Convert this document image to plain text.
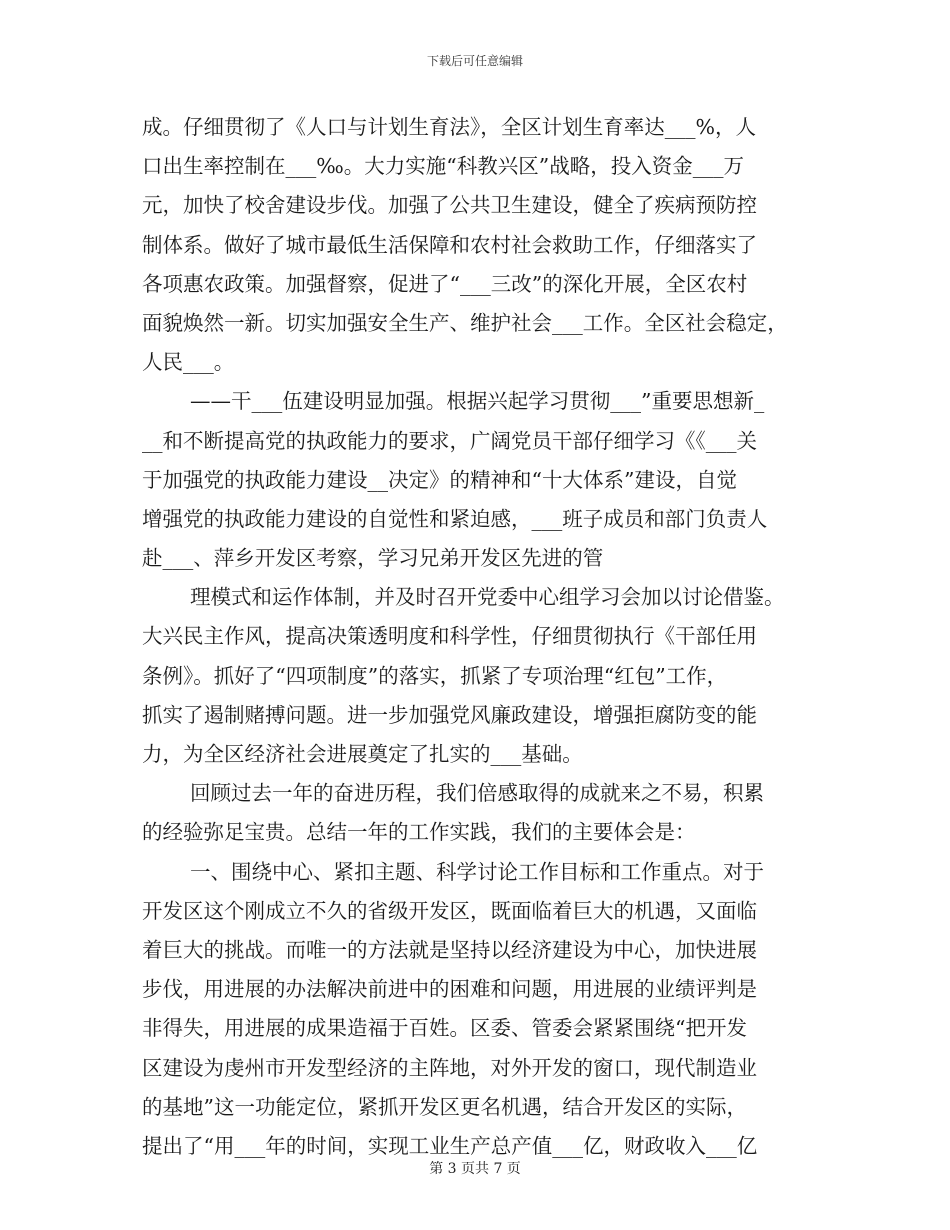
下载后可任意编辑
成。仔细贯彻了《人口与计划生育法》，全区计划生育率达___%，人
口出生率控制在___‰。大力实施“科教兴区”战略，投入资金___万
元，加快了校舍建设步伐。加强了公共卫生建设，健全了疾病预防控
制体系。做好了城市最低生活保障和农村社会救助工作，仔细落实了
各项惠农政策。加强督察，促进了“___三改”的深化开展，全区农村
面貌焕然一新。切实加强安全生产、维护社会___工作。全区社会稳定，
人民___。
——干___伍建设明显加强。根据兴起学习贯彻___”重要思想新_
__和不断提高党的执政能力的要求，广阔党员干部仔细学习《《___关
于加强党的执政能力建设__决定》的精神和“十大体系”建设，自觉
增强党的执政能力建设的自觉性和紧迫感，___班子成员和部门负责人
赴___、萍乡开发区考察，学习兄弟开发区先进的管
理模式和运作体制，并及时召开党委中心组学习会加以讨论借鉴。
大兴民主作风，提高决策透明度和科学性，仔细贯彻执行《干部任用
条例》。抓好了“四项制度”的落实，抓紧了专项治理“红包”工作，
抓实了遏制赌搏问题。进一步加强党风廉政建设，增强拒腐防变的能
力，为全区经济社会进展奠定了扎实的___基础。
回顾过去一年的奋进历程，我们倍感取得的成就来之不易，积累
的经验弥足宝贵。总结一年的工作实践，我们的主要体会是：
一、围绕中心、紧扣主题、科学讨论工作目标和工作重点。对于
开发区这个刚成立不久的省级开发区，既面临着巨大的机遇，又面临
着巨大的挑战。而唯一的方法就是坚持以经济建设为中心，加快进展
步伐，用进展的办法解决前进中的困难和问题，用进展的业绩评判是
非得失，用进展的成果造福于百姓。区委、管委会紧紧围绕“把开发
区建设为虔州市开发型经济的主阵地，对外开发的窗口，现代制造业
的基地”这一功能定位，紧抓开发区更名机遇，结合开发区的实际，
提出了“用___年的时间，实现工业生产总产值___亿，财政收入___亿
第 3 页共 7 页
